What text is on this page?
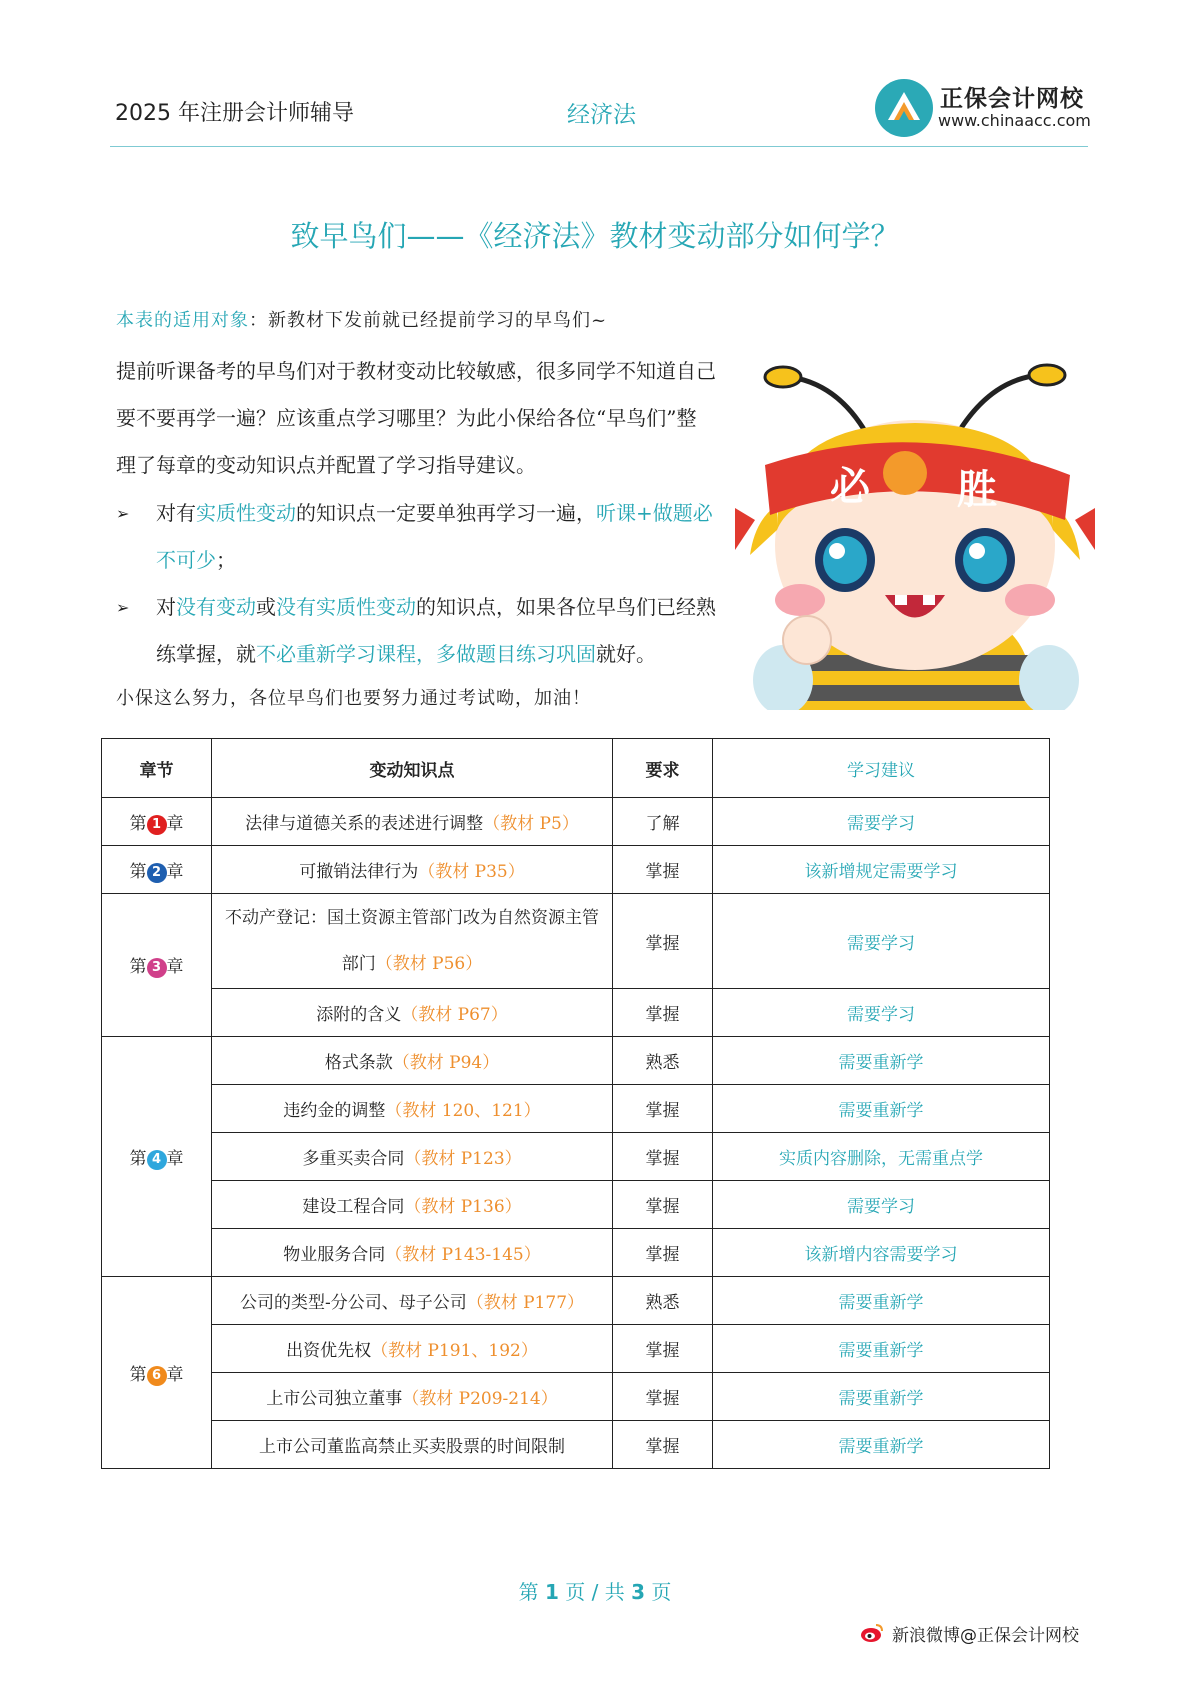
2025 年注册会计师辅导	经济法
正保会计网校
www.chinaacc.com
致早鸟们——《经济法》教材变动部分如何学？
本表的适用对象：新教材下发前就已经提前学习的早鸟们~
提前听课备考的早鸟们对于教材变动比较敏感，很多同学不知道自己要不要再学一遍？应该重点学习哪里？为此小保给各位“早鸟们”整理了每章的变动知识点并配置了学习指导建议。
➢ 对有实质性变动的知识点一定要单独再学习一遍，听课+做题必不可少；
➢ 对没有变动或没有实质性变动的知识点，如果各位早鸟们已经熟练掌握，就不必重新学习课程，多做题目练习巩固就好。
小保这么努力，各位早鸟们也要努力通过考试呦，加油！
必 胜
章节	变动知识点	要求	学习建议
第 1 章	法律与道德关系的表述进行调整（教材 P5）	了解	需要学习
第 2 章	可撤销法律行为（教材 P35）	掌握	该新增规定需要学习
第 3 章	不动产登记：国土资源主管部门改为自然资源主管部门（教材 P56）	掌握	需要学习
	添附的含义（教材 P67）	掌握	需要学习
第 4 章	格式条款（教材 P94）	熟悉	需要重新学
	违约金的调整（教材 120、121）	掌握	需要重新学
	多重买卖合同（教材 P123）	掌握	实质内容删除，无需重点学
	建设工程合同（教材 P136）	掌握	需要学习
	物业服务合同（教材 P143-145）	掌握	该新增内容需要学习
第 6 章	公司的类型-分公司、母子公司（教材 P177）	熟悉	需要重新学
	出资优先权（教材 P191、192）	掌握	需要重新学
	上市公司独立董事（教材 P209-214）	掌握	需要重新学
	上市公司董监高禁止买卖股票的时间限制	掌握	需要重新学
第 1 页 / 共 3 页
新浪微博@正保会计网校
